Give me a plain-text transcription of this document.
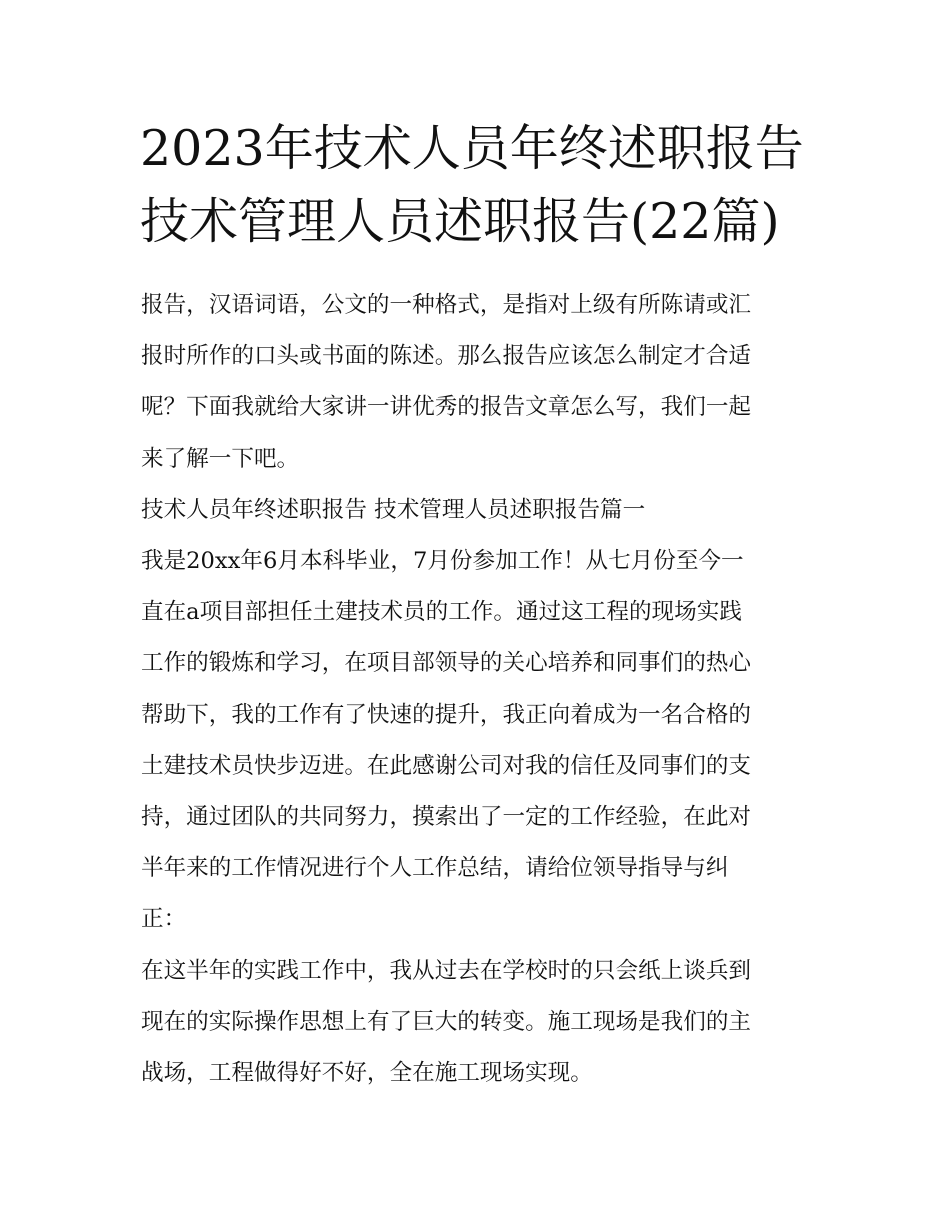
2023年技术人员年终述职报告
技术管理人员述职报告(22篇)

报告，汉语词语，公文的一种格式，是指对上级有所陈请或汇
报时所作的口头或书面的陈述。那么报告应该怎么制定才合适
呢？下面我就给大家讲一讲优秀的报告文章怎么写，我们一起
来了解一下吧。

技术人员年终述职报告 技术管理人员述职报告篇一

我是20xx年6月本科毕业，7月份参加工作！从七月份至今一
直在a项目部担任土建技术员的工作。通过这工程的现场实践
工作的锻炼和学习，在项目部领导的关心培养和同事们的热心
帮助下，我的工作有了快速的提升，我正向着成为一名合格的
土建技术员快步迈进。在此感谢公司对我的信任及同事们的支
持，通过团队的共同努力，摸索出了一定的工作经验，在此对
半年来的工作情况进行个人工作总结，请给位领导指导与纠
正：

在这半年的实践工作中，我从过去在学校时的只会纸上谈兵到
现在的实际操作思想上有了巨大的转变。施工现场是我们的主
战场，工程做得好不好，全在施工现场实现。
